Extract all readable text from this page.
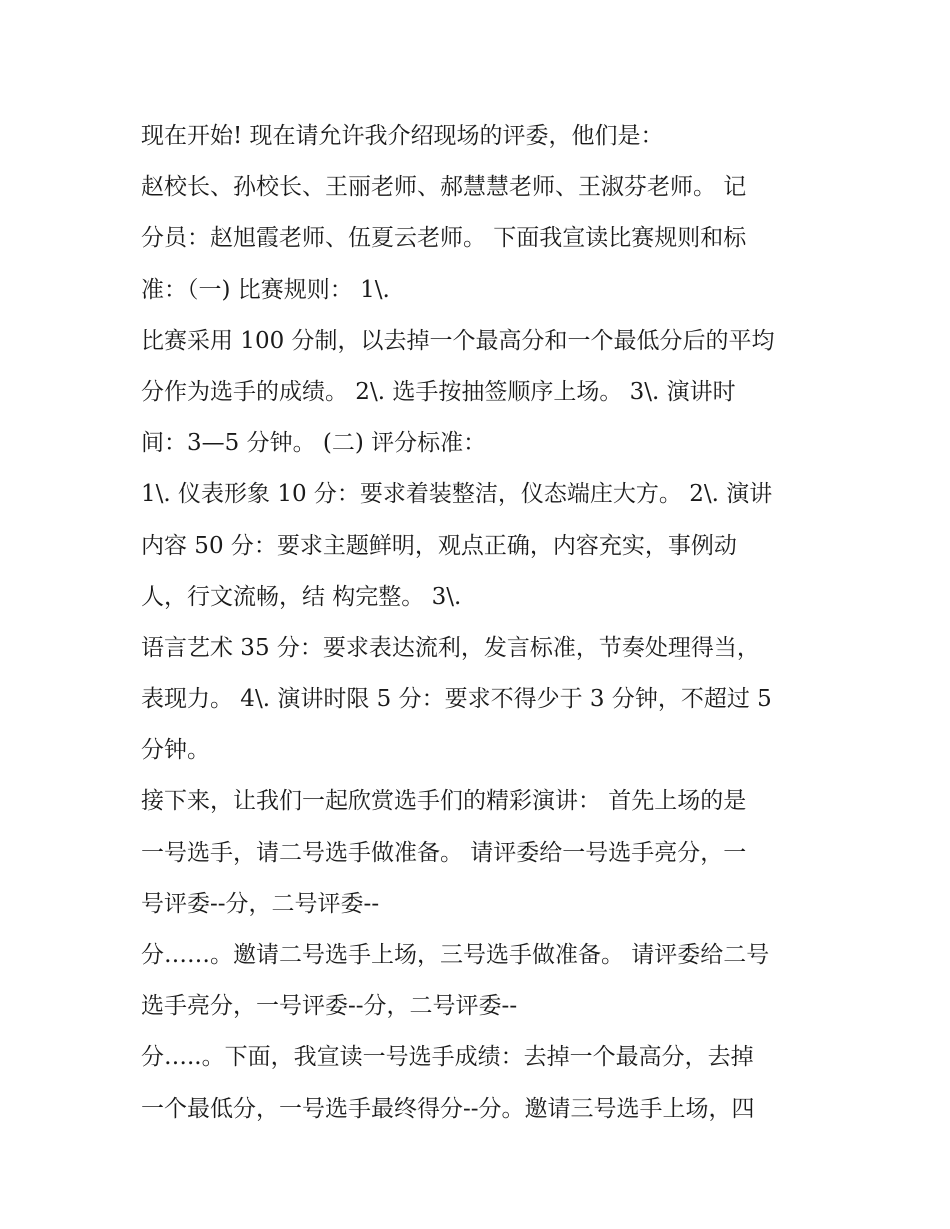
现在开始! 现在请允许我介绍现场的评委，他们是：
赵校长、孙校长、王丽老师、郝慧慧老师、王淑芬老师。 记
分员：赵旭霞老师、伍夏云老师。 下面我宣读比赛规则和标
准：（一) 比赛规则： 1\.
比赛采用 100 分制，以去掉一个最高分和一个最低分后的平均
分作为选手的成绩。 2\. 选手按抽签顺序上场。 3\. 演讲时
间：3—5 分钟。 (二) 评分标准：
1\. 仪表形象 10 分：要求着装整洁，仪态端庄大方。 2\. 演讲
内容 50 分：要求主题鲜明，观点正确，内容充实，事例动
人，行文流畅，结 构完整。 3\.
语言艺术 35 分：要求表达流利，发言标准，节奏处理得当，
表现力。 4\. 演讲时限 5 分：要求不得少于 3 分钟，不超过 5
分钟。
接下来，让我们一起欣赏选手们的精彩演讲： 首先上场的是
一号选手，请二号选手做准备。 请评委给一号选手亮分，一
号评委--分，二号评委--
分……。邀请二号选手上场，三号选手做准备。 请评委给二号
选手亮分，一号评委--分，二号评委--
分…..。下面，我宣读一号选手成绩：去掉一个最高分，去掉
一个最低分，一号选手最终得分--分。邀请三号选手上场，四
